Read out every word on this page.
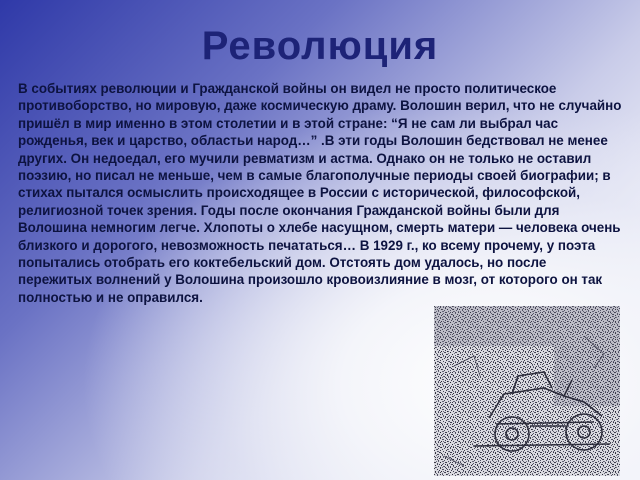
Революция

В событиях революции и Гражданской войны он видел не просто политическое противоборство, но мировую, даже космическую драму. Волошин верил, что не случайно пришёл в мир именно в этом столетии и в этой стране: “Я не сам ли выбрал час рожденья, век и царство, областьи народ…” .В эти годы Волошин бедствовал не менее других. Он недоедал, его мучили ревматизм и астма. Однако он не только не оставил поэзию, но писал не меньше, чем в самые благополучные периоды своей биографии; в стихах пытался осмыслить происходящее в России с исторической, философской, религиозной точек зрения. Годы после окончания Гражданской войны были для Волошина немногим легче. Хлопоты о хлебе насущном, смерть матери — человека очень близкого и дорогого, невозможность печататься… В 1929 г., ко всему прочему, у поэта попытались отобрать его коктебельский дом. Отстоять дом удалось, но после пережитых волнений у Волошина произошло кровоизлияние в мозг, от которого он так полностью и не оправился.
